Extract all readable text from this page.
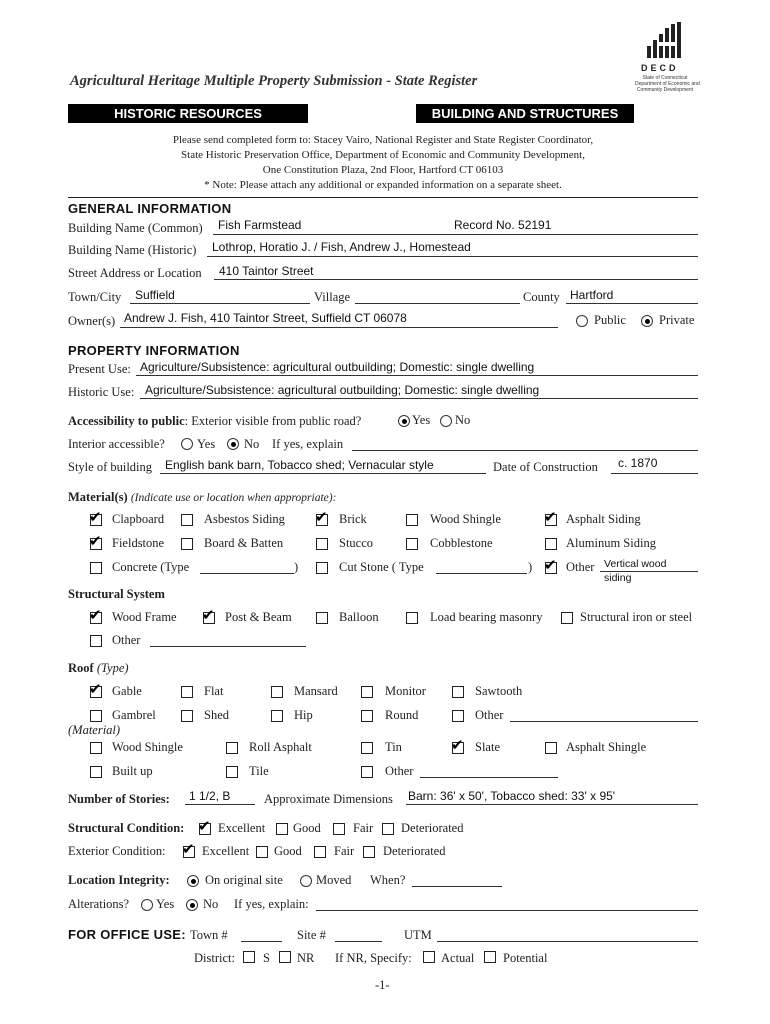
DECD
State of Connecticut
Department of Economic and
Community Development
Agricultural Heritage Multiple Property Submission - State Register
HISTORIC RESOURCES	BUILDING AND STRUCTURES
Please send completed form to: Stacey Vairo, National Register and State Register Coordinator,
State Historic Preservation Office, Department of Economic and Community Development,
One Constitution Plaza, 2nd Floor, Hartford CT 06103
* Note: Please attach any additional or expanded information on a separate sheet.
GENERAL INFORMATION
Building Name (Common) Fish Farmstead	Record No. 52191
Building Name (Historic) Lothrop, Horatio J. / Fish, Andrew J., Homestead
Street Address or Location 410 Taintor Street
Town/City Suffield	Village	County Hartford
Owner(s) Andrew J. Fish, 410 Taintor Street, Suffield CT 06078	Public	Private
PROPERTY INFORMATION
Present Use: Agriculture/Subsistence: agricultural outbuilding; Domestic: single dwelling
Historic Use: Agriculture/Subsistence: agricultural outbuilding; Domestic: single dwelling
Accessibility to public: Exterior visible from public road?	Yes No
Interior accessible?	Yes No If yes, explain
Style of building English bank barn, Tobacco shed; Vernacular style	Date of Construction c. 1870
Material(s) (Indicate use or location when appropriate):
✔ Clapboard	Asbestos Siding ✔ Brick	Wood Shingle	✔ Asphalt Siding
✔ Fieldstone	Board & Batten	Stucco	Cobblestone	Aluminum Siding
Concrete (Type	)	Cut Stone ( Type	) ✔ Other Vertical wood
siding
Structural System
✔ Wood Frame ✔ Post & Beam	Balloon	Load bearing masonry	Structural iron or steel
Other
Roof (Type)
✔ Gable	Flat	Mansard	Monitor	Sawtooth
Gambrel	Shed	Hip	Round	Other
(Material)
Wood Shingle	Roll Asphalt	Tin	✔ Slate	Asphalt Shingle
Built up	Tile	Other
Number of Stories: 1 1/2, B	Approximate Dimensions Barn: 36' x 50', Tobacco shed: 33' x 95'
Structural Condition: ✔ Excellent Good	Fair Deteriorated
Exterior Condition: ✔ Excellent Good	Fair Deteriorated
Location Integrity:	On original site	Moved When?
Alterations? Yes No If yes, explain:
FOR OFFICE USE: Town #	Site #	UTM
District: S NR If NR, Specify: Actual Potential
-1-
